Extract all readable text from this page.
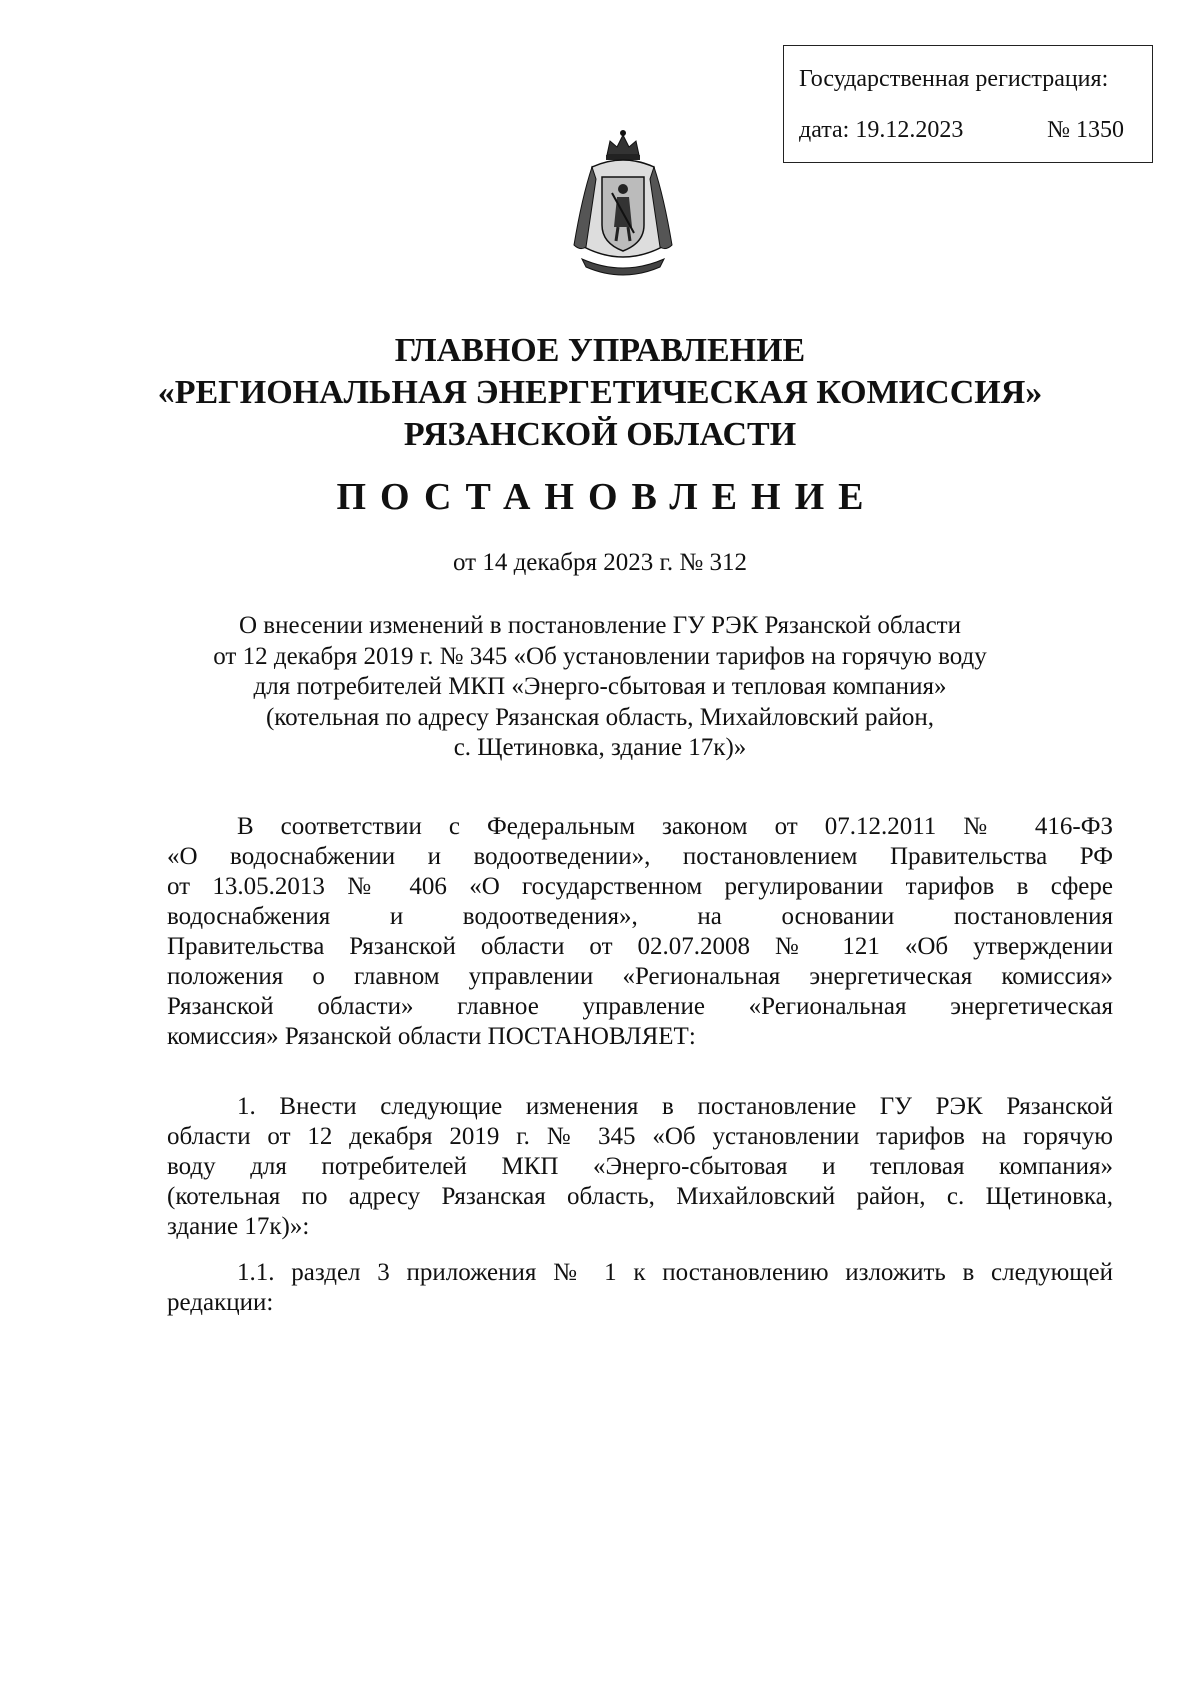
Государственная регистрация:
дата: 19.12.2023	№ 1350
ГЛАВНОЕ УПРАВЛЕНИЕ
«РЕГИОНАЛЬНАЯ ЭНЕРГЕТИЧЕСКАЯ КОМИССИЯ»
РЯЗАНСКОЙ ОБЛАСТИ
ПОСТАНОВЛЕНИЕ
от 14 декабря 2023 г. № 312
О внесении изменений в постановление ГУ РЭК Рязанской области
от 12 декабря 2019 г. № 345 «Об установлении тарифов на горячую воду
для потребителей МКП «Энерго-сбытовая и тепловая компания»
(котельная по адресу Рязанская область, Михайловский район,
с. Щетиновка, здание 17к)»
В соответствии с Федеральным законом от 07.12.2011 № 416-ФЗ
«О водоснабжении и водоотведении», постановлением Правительства РФ
от 13.05.2013 № 406 «О государственном регулировании тарифов в сфере
водоснабжения и водоотведения», на основании постановления
Правительства Рязанской области от 02.07.2008 № 121 «Об утверждении
положения о главном управлении «Региональная энергетическая комиссия»
Рязанской области» главное управление «Региональная энергетическая
комиссия» Рязанской области ПОСТАНОВЛЯЕТ:
1. Внести следующие изменения в постановление ГУ РЭК Рязанской
области от 12 декабря 2019 г. № 345 «Об установлении тарифов на горячую
воду для потребителей МКП «Энерго-сбытовая и тепловая компания»
(котельная по адресу Рязанская область, Михайловский район, с. Щетиновка,
здание 17к)»:
1.1. раздел 3 приложения № 1 к постановлению изложить в следующей
редакции:
